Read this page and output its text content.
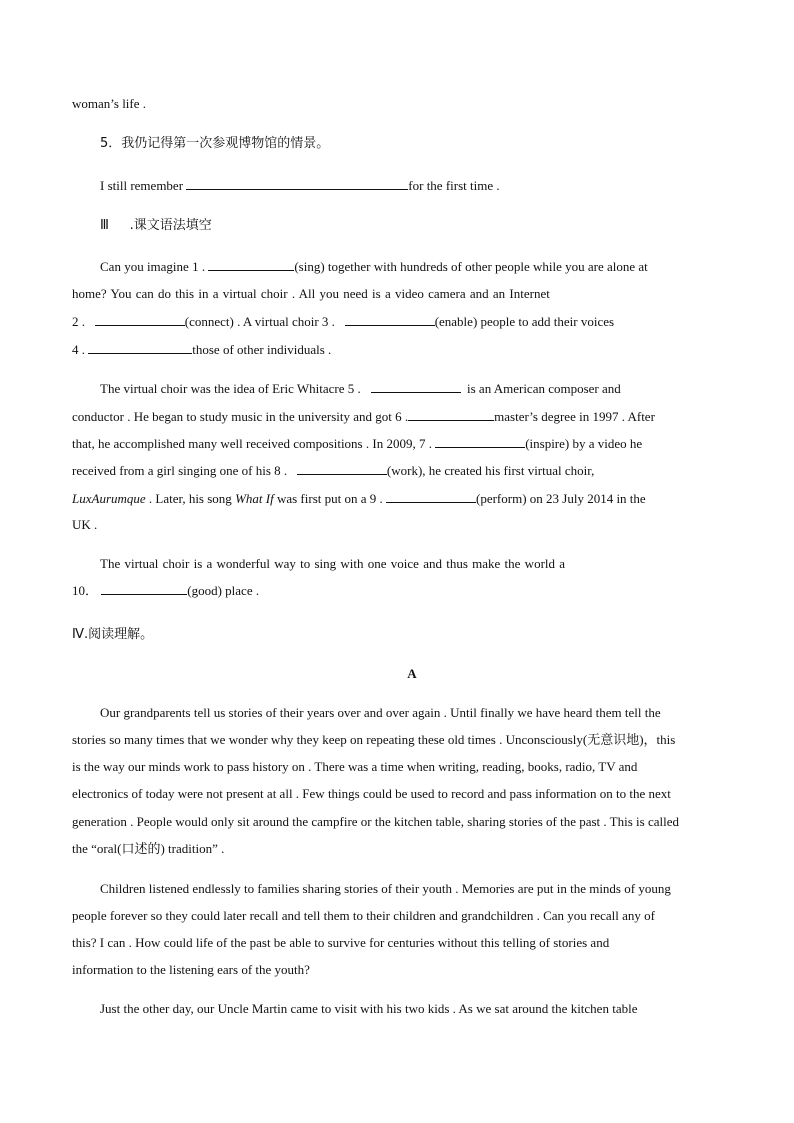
woman’s life .
5．我仍记得第一次参观博物馆的情景。
I still remember	for the first time .
Ⅲ .课文语法填空
Can you imagine 1 .	(sing) together with hundreds of other people while you are alone at
home? You can do this in a virtual choir . All you need is a video camera and an Internet
2 .	(connect) . A virtual choir 3 .	(enable) people to add their voices
4 .	those of other individuals .
The virtual choir was the idea of Eric Whitacre 5 .	is an American composer and
conductor . He began to study music in the university and got 6 .	master’s degree in 1997 . After
that, he accomplished many well received compositions . In 2009, 7 .	(inspire) by a video he
received from a girl singing one of his 8 .	(work), he created his first virtual choir,
LuxAurumque . Later, his song What If was first put on a 9 .	(perform) on 23 July 2014 in the
UK .
The virtual choir is a wonderful way to sing with one voice and thus make the world a
10．	(good) place .
Ⅳ.阅读理解。
A
Our grandparents tell us stories of their years over and over again . Until finally we have heard them tell the
stories so many times that we wonder why they keep on repeating these old times . Unconsciously(无意识地)，this
is the way our minds work to pass history on . There was a time when writing, reading, books, radio, TV and
electronics of today were not present at all . Few things could be used to record and pass information on to the next
generation . People would only sit around the campfire or the kitchen table, sharing stories of the past . This is called
the “oral(口述的) tradition” .
Children listened endlessly to families sharing stories of their youth . Memories are put in the minds of young
people forever so they could later recall and tell them to their children and grandchildren . Can you recall any of
this? I can . How could life of the past be able to survive for centuries without this telling of stories and
information to the listening ears of the youth?
Just the other day, our Uncle Martin came to visit with his two kids . As we sat around the kitchen table
